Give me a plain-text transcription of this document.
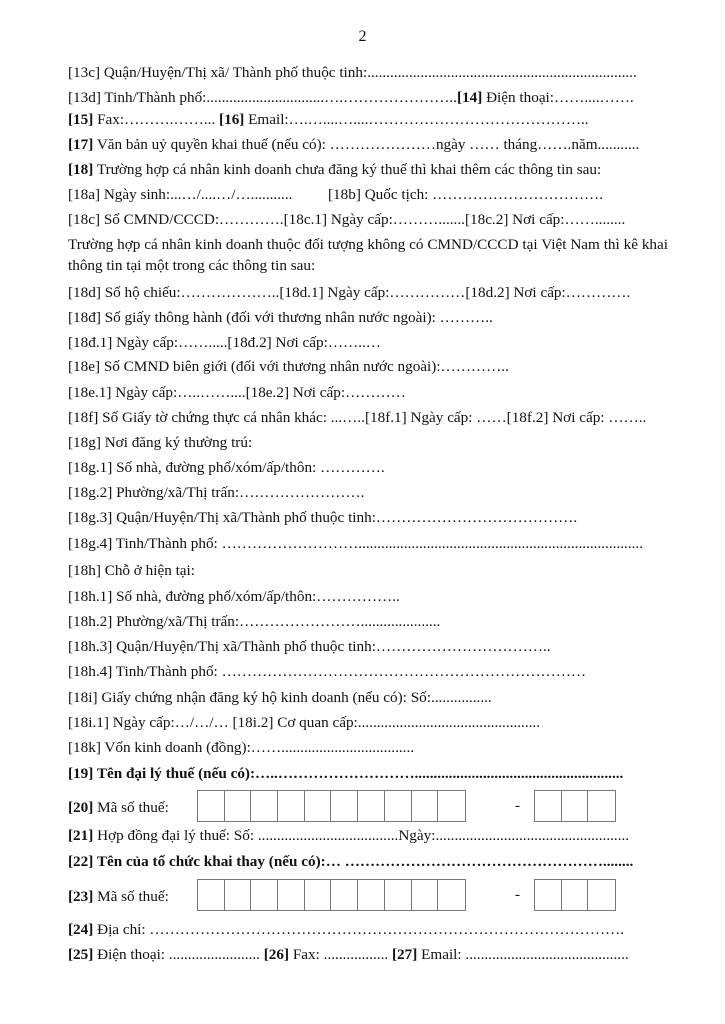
2
[13c] Quận/Huyện/Thị xã/ Thành phố thuộc tinh:.......................................................................
[13d] Tinh/Thành phố:...............................….…………………..[14] Điện thoại:……....…….
[15] Fax:……….……... [16] Email:….…....…....……………………………………..
[17] Văn bản uỷ quyền khai thuế (nếu có): …………………ngày …… tháng…….năm...........
[18] Trường hợp cá nhân kinh doanh chưa đăng ký thuế thì khai thêm các thông tin sau:
[18a] Ngày sinh:...…/....…/…........... [18b] Quốc tịch: …………………………….
[18c] Số CMND/CCCD:………….[18c.1] Ngày cấp:……….......[18c.2] Nơi cấp:……........
Trường hợp cá nhân kinh doanh thuộc đối tượng không có CMND/CCCD tại Việt Nam thì kê khai thông tin tại một trong các thông tin sau:
[18d] Số hộ chiếu:………………..[18d.1] Ngày cấp:……………[18d.2] Nơi cấp:………….
[18đ] Số giấy thông hành (đối với thương nhân nước ngoài): ………..
[18đ.1] Ngày cấp:…….....[18đ.2] Nơi cấp:……..…
[18e] Số CMND biên giới (đối với thương nhân nước ngoài):…………..
[18e.1] Ngày cấp:…..……....[18e.2] Nơi cấp:…………
[18f] Số Giấy tờ chứng thực cá nhân khác: ...…..[18f.1] Ngày cấp: ……[18f.2] Nơi cấp: ……..
[18g] Nơi đăng ký thường trú:
[18g.1] Số nhà, đường phố/xóm/ấp/thôn: ………….
[18g.2] Phường/xã/Thị trấn:…………………….
[18g.3] Quận/Huyện/Thị xã/Thành phố thuộc tinh:………………………………….
[18g.4] Tinh/Thành phố: ………………………...........................................................................
[18h] Chỗ ở hiện tại:
[18h.1] Số nhà, đường phố/xóm/ấp/thôn:……………..
[18h.2] Phường/xã/Thị trấn:…………………….....................
[18h.3] Quận/Huyện/Thị xã/Thành phố thuộc tinh:……………………………..
[18h.4] Tinh/Thành phố: ………………………………………………………………
[18i] Giấy chứng nhận đăng ký hộ kinh doanh (nếu có): Số:................
[18i.1] Ngày cấp:…/…/… [18i.2] Cơ quan cấp:................................................
[18k] Vốn kinh doanh (đồng):……...................................
[19] Tên đại lý thuế (nếu có):…..……………………….......................................................
[20] Mã số thuế:	-
[21] Hợp đồng đại lý thuế: Số: .....................................Ngày:...................................................
[22] Tên của tổ chức khai thay (nếu có):… ……………………………………………........
[23] Mã số thuế:	-
[24] Địa chỉ: ………………………………………………………………………………….
[25] Điện thoại: ........................ [26] Fax: ................. [27] Email: ...........................................
